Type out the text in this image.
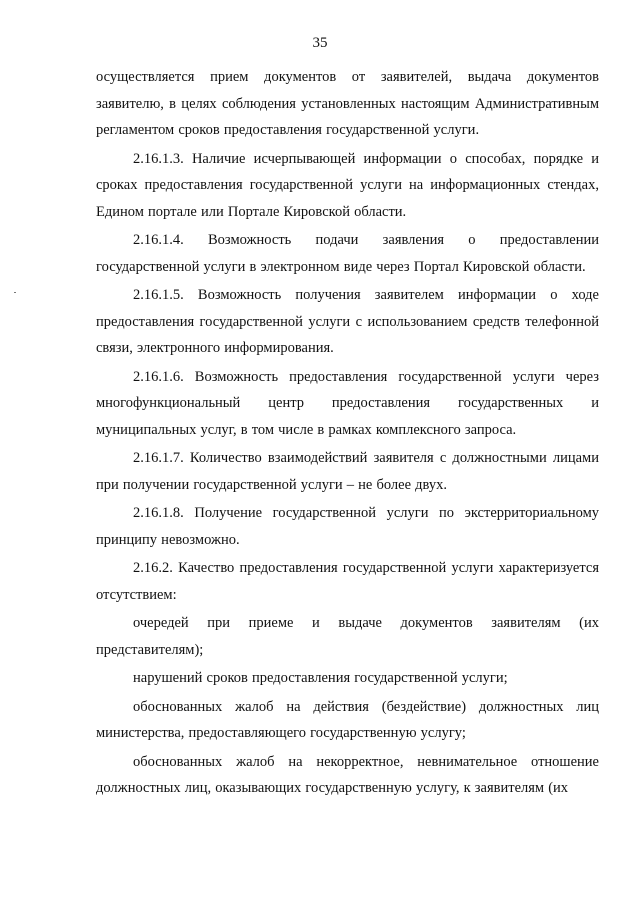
35

осуществляется прием документов от заявителей, выдача документов заявителю, в целях соблюдения установленных настоящим Административным регламентом сроков предоставления государственной услуги.

2.16.1.3. Наличие исчерпывающей информации о способах, порядке и сроках предоставления государственной услуги на информационных стендах, Едином портале или Портале Кировской области.

2.16.1.4. Возможность подачи заявления о предоставлении государственной услуги в электронном виде через Портал Кировской области.

2.16.1.5. Возможность получения заявителем информации о ходе предоставления государственной услуги с использованием средств телефонной связи, электронного информирования.

2.16.1.6. Возможность предоставления государственной услуги через многофункциональный центр предоставления государственных и муниципальных услуг, в том числе в рамках комплексного запроса.

2.16.1.7. Количество взаимодействий заявителя с должностными лицами при получении государственной услуги – не более двух.

2.16.1.8. Получение государственной услуги по экстерриториальному принципу невозможно.

2.16.2. Качество предоставления государственной услуги характеризуется отсутствием:

очередей при приеме и выдаче документов заявителям (их представителям);

нарушений сроков предоставления государственной услуги;

обоснованных жалоб на действия (бездействие) должностных лиц министерства, предоставляющего государственную услугу;

обоснованных жалоб на некорректное, невнимательное отношение должностных лиц, оказывающих государственную услугу, к заявителям (их
